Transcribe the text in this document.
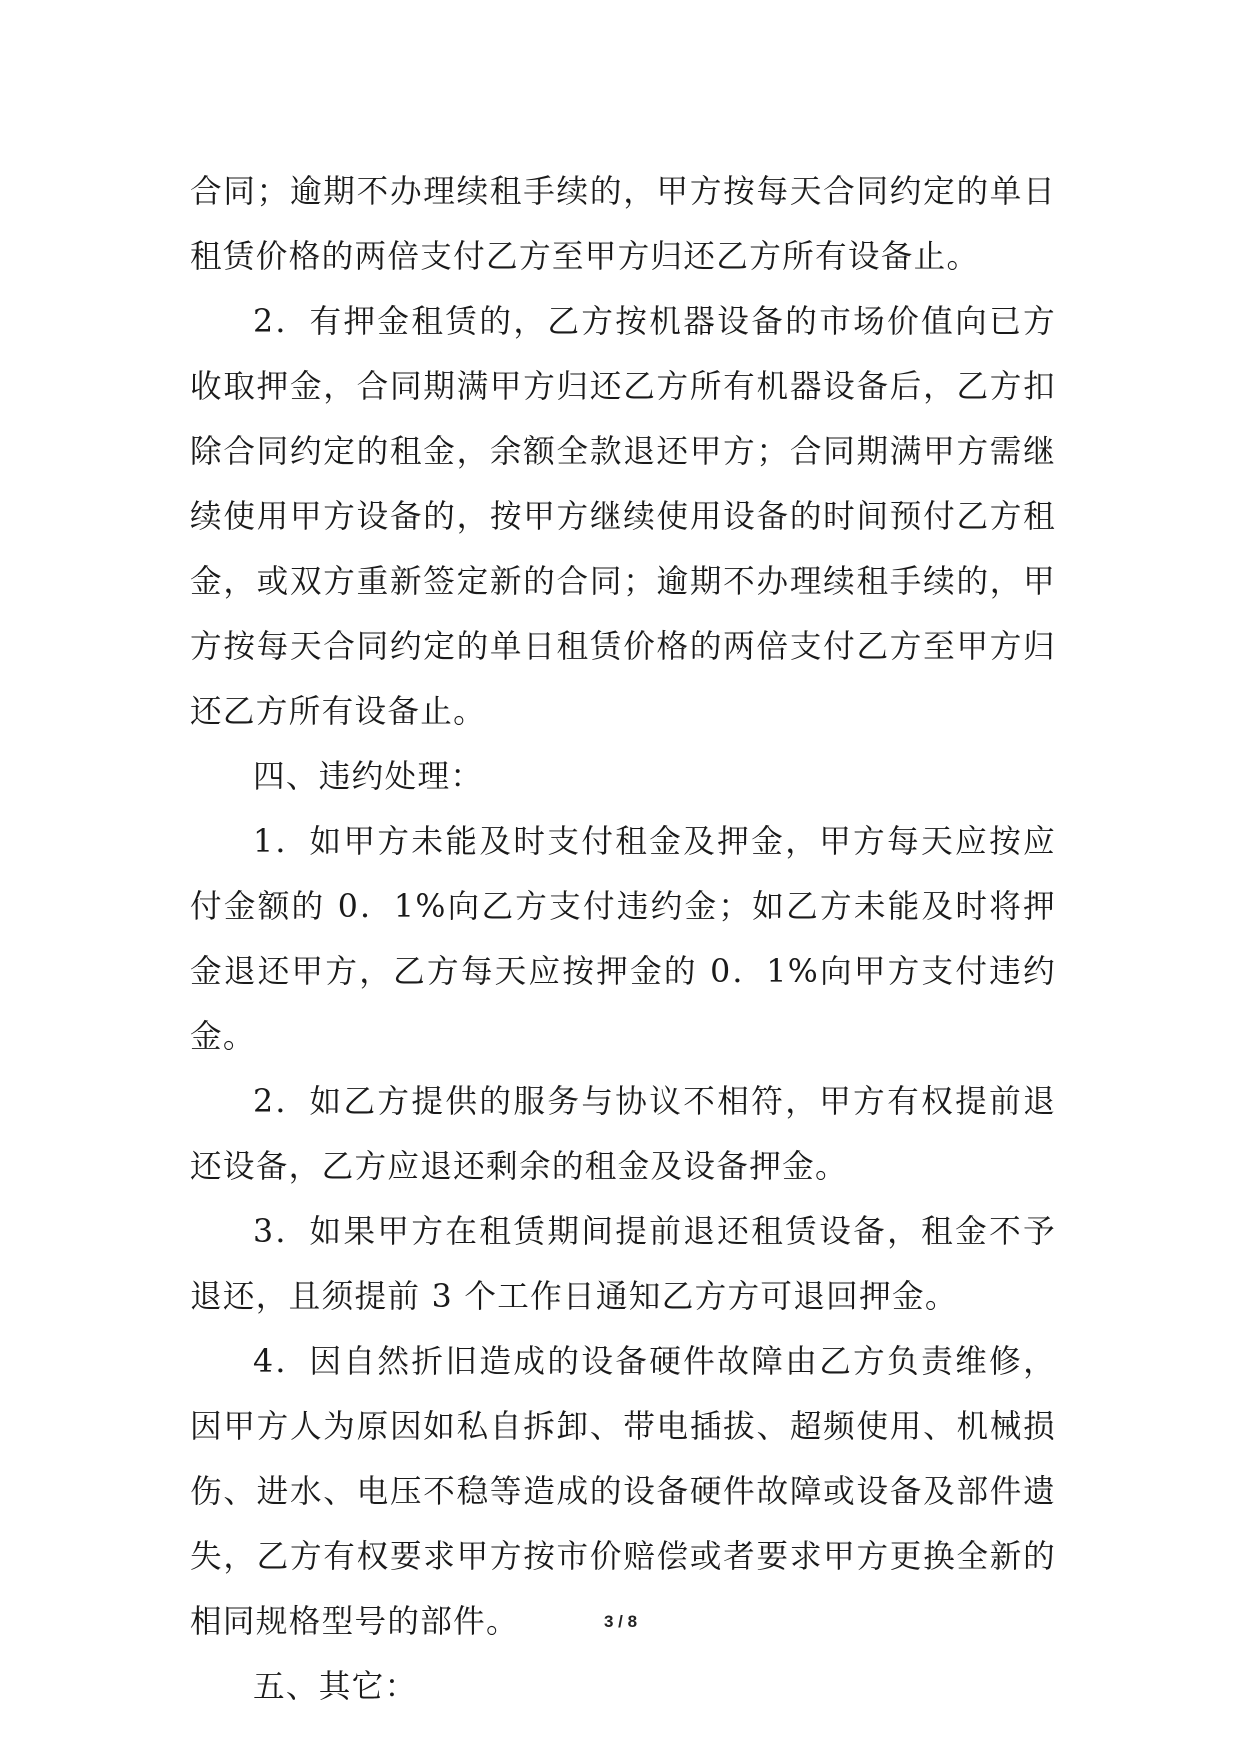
合同；逾期不办理续租手续的，甲方按每天合同约定的单日租赁价格的两倍支付乙方至甲方归还乙方所有设备止。

2．有押金租赁的，乙方按机器设备的市场价值向已方收取押金，合同期满甲方归还乙方所有机器设备后，乙方扣除合同约定的租金，余额全款退还甲方；合同期满甲方需继续使用甲方设备的，按甲方继续使用设备的时间预付乙方租金，或双方重新签定新的合同；逾期不办理续租手续的，甲方按每天合同约定的单日租赁价格的两倍支付乙方至甲方归还乙方所有设备止。

四、违约处理：

1．如甲方未能及时支付租金及押金，甲方每天应按应付金额的 0．1%向乙方支付违约金；如乙方未能及时将押金退还甲方，乙方每天应按押金的 0．1%向甲方支付违约金。

2．如乙方提供的服务与协议不相符，甲方有权提前退还设备，乙方应退还剩余的租金及设备押金。

3．如果甲方在租赁期间提前退还租赁设备，租金不予退还，且须提前 3 个工作日通知乙方方可退回押金。

4．因自然折旧造成的设备硬件故障由乙方负责维修，因甲方人为原因如私自拆卸、带电插拔、超频使用、机械损伤、进水、电压不稳等造成的设备硬件故障或设备及部件遗失，乙方有权要求甲方按市价赔偿或者要求甲方更换全新的相同规格型号的部件。

五、其它：

3 / 8
